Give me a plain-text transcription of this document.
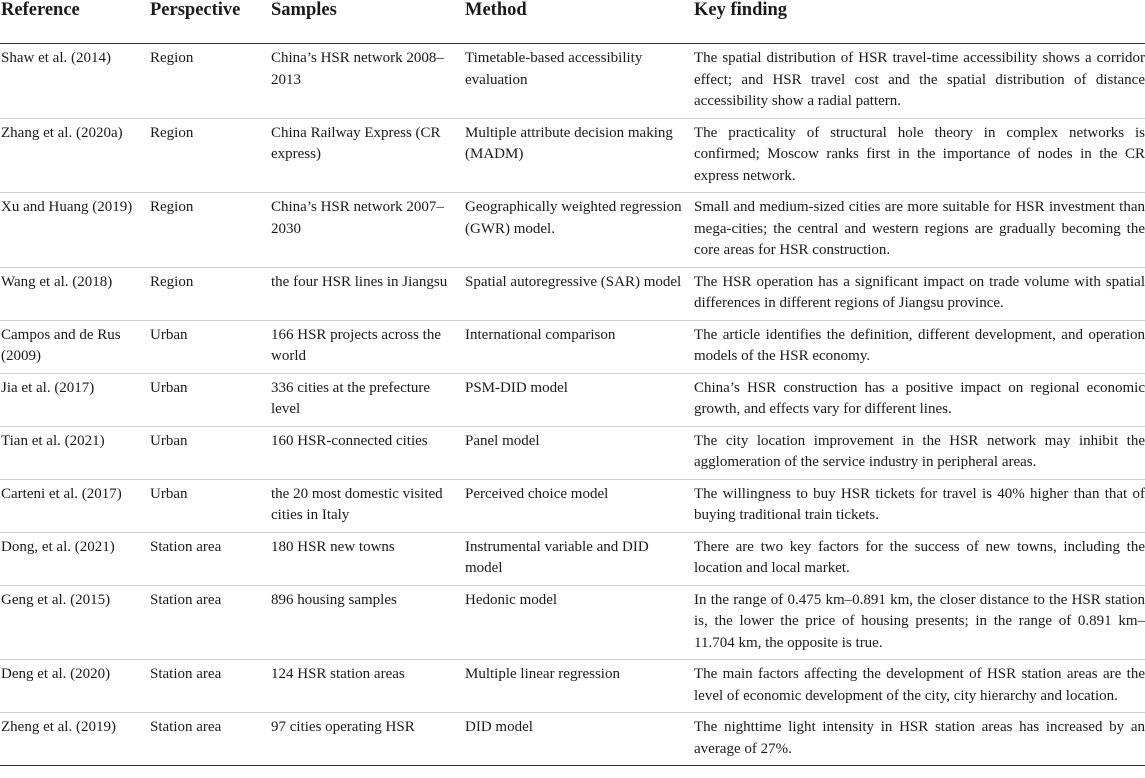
Reference	Perspective	Samples	Method	Key finding
Shaw et al. (2014)	Region	China’s HSR network 2008–2013	Timetable-based accessibility evaluation	The spatial distribution of HSR travel-time accessibility shows a corridor effect; and HSR travel cost and the spatial distribution of distance accessibility show a radial pattern.
Zhang et al. (2020a)	Region	China Railway Express (CR express)	Multiple attribute decision making (MADM)	The practicality of structural hole theory in complex networks is confirmed; Moscow ranks first in the importance of nodes in the CR express network.
Xu and Huang (2019)	Region	China’s HSR network 2007–2030	Geographically weighted regression (GWR) model.	Small and medium-sized cities are more suitable for HSR investment than mega-cities; the central and western regions are gradually becoming the core areas for HSR construction.
Wang et al. (2018)	Region	the four HSR lines in Jiangsu	Spatial autoregressive (SAR) model	The HSR operation has a significant impact on trade volume with spatial differences in different regions of Jiangsu province.
Campos and de Rus (2009)	Urban	166 HSR projects across the world	International comparison	The article identifies the definition, different development, and operation models of the HSR economy.
Jia et al. (2017)	Urban	336 cities at the prefecture level	PSM-DID model	China’s HSR construction has a positive impact on regional economic growth, and effects vary for different lines.
Tian et al. (2021)	Urban	160 HSR-connected cities	Panel model	The city location improvement in the HSR network may inhibit the agglomeration of the service industry in peripheral areas.
Carteni et al. (2017)	Urban	the 20 most domestic visited cities in Italy	Perceived choice model	The willingness to buy HSR tickets for travel is 40% higher than that of buying traditional train tickets.
Dong, et al. (2021)	Station area	180 HSR new towns	Instrumental variable and DID model	There are two key factors for the success of new towns, including the location and local market.
Geng et al. (2015)	Station area	896 housing samples	Hedonic model	In the range of 0.475 km–0.891 km, the closer distance to the HSR station is, the lower the price of housing presents; in the range of 0.891 km–11.704 km, the opposite is true.
Deng et al. (2020)	Station area	124 HSR station areas	Multiple linear regression	The main factors affecting the development of HSR station areas are the level of economic development of the city, city hierarchy and location.
Zheng et al. (2019)	Station area	97 cities operating HSR	DID model	The nighttime light intensity in HSR station areas has increased by an average of 27%.
